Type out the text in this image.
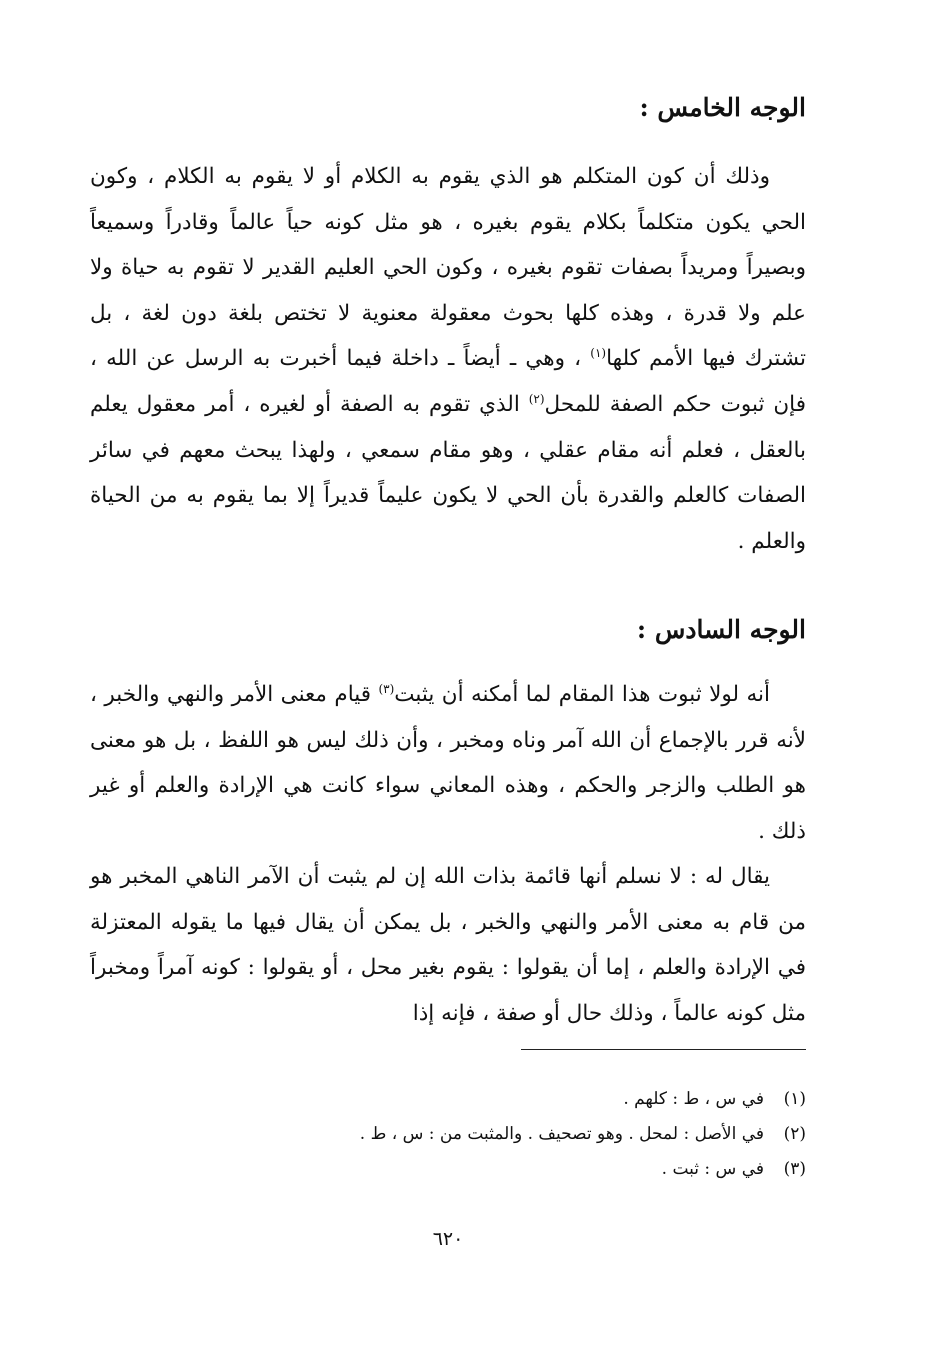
الوجه الخامس :

وذلك أن كون المتكلم هو الذي يقوم به الكلام أو لا يقوم به الكلام ، وكون الحي يكون متكلماً بكلام يقوم بغيره ، هو مثل كونه حياً عالماً وقادراً وسميعاً وبصيراً ومريداً بصفات تقوم بغيره ، وكون الحي العليم القدير لا تقوم به حياة ولا علم ولا قدرة ، وهذه كلها بحوث معقولة معنوية لا تختص بلغة دون لغة ، بل تشترك فيها الأمم كلها$^{(١)}$ ، وهي ـ أيضاً ـ داخلة فيما أخبرت به الرسل عن الله ، فإن ثبوت حكم الصفة للمحل$^{(٢)}$ الذي تقوم به الصفة أو لغيره ، أمر معقول يعلم بالعقل ، فعلم أنه مقام عقلي ، وهو مقام سمعي ، ولهذا يبحث معهم في سائر الصفات كالعلم والقدرة بأن الحي لا يكون عليماً قديراً إلا بما يقوم به من الحياة والعلم .

الوجه السادس :

أنه لولا ثبوت هذا المقام لما أمكنه أن يثبت$^{(٣)}$ قيام معنى الأمر والنهي والخبر ، لأنه قرر بالإجماع أن الله آمر وناه ومخبر ، وأن ذلك ليس هو اللفظ ، بل هو معنى هو الطلب والزجر والحكم ، وهذه المعاني سواء كانت هي الإرادة والعلم أو غير ذلك .

يقال له : لا نسلم أنها قائمة بذات الله إن لم يثبت أن الآمر الناهي المخبر هو من قام به معنى الأمر والنهي والخبر ، بل يمكن أن يقال فيها ما يقوله المعتزلة في الإرادة والعلم ، إما أن يقولوا : يقوم بغير محل ، أو يقولوا : كونه آمراً ومخبراً مثل كونه عالماً ، وذلك حال أو صفة ، فإنه إذا

(١)في س ، ط : كلهم .
(٢)في الأصل : لمحل . وهو تصحيف . والمثبت من : س ، ط .
(٣)في س : ثبت .
٦٢٠
